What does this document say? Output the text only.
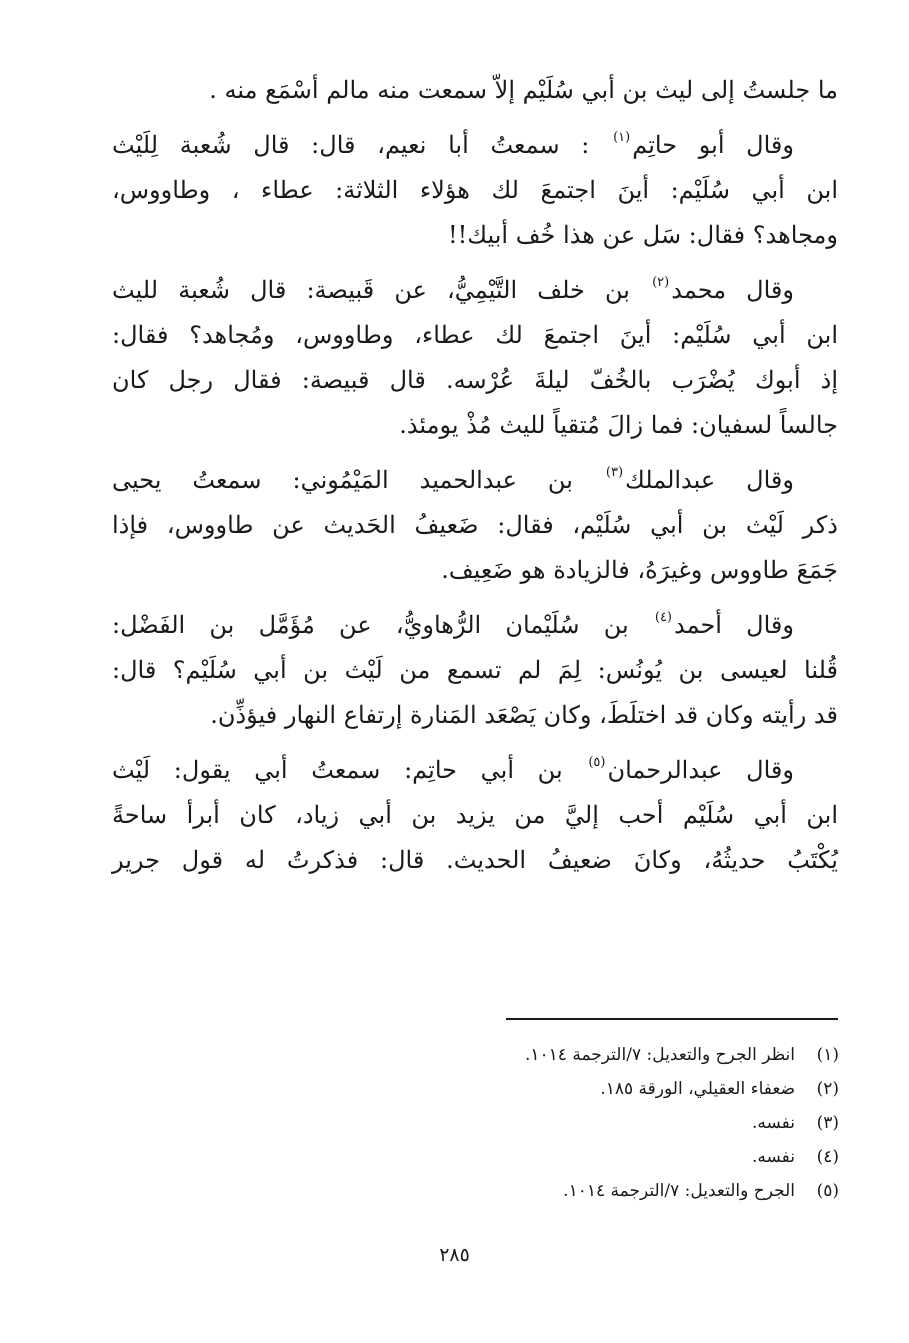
ما جلستُ إلى ليث بن أبي سُلَيْم إلاّ سمعت منه مالم أسْمَع منه .

وقال أبو حاتِم$^{(١)}$ : سمعتُ أبا نعيم، قال: قال شُعبة لِلَيْث
ابن أبي سُلَيْم: أينَ اجتمعَ لك هؤلاء الثلاثة: عطاء ، وطاووس،
ومجاهد؟ فقال: سَل عن هذا خُف أبيك!!

وقال محمد$^{(٢)}$ بن خلف التَّيْمِيُّ، عن قَبيصة: قال شُعبة لليث
ابن أبي سُلَيْم: أينَ اجتمعَ لك عطاء، وطاووس، ومُجاهد؟ فقال:
إذ أبوك يُضْرَب بالخُفّ ليلةَ عُرْسه. قال قبيصة: فقال رجل كان
جالساً لسفيان: فما زالَ مُتقياً لليث مُذْ يومئذ.

وقال عبدالملك$^{(٣)}$ بن عبدالحميد المَيْمُوني: سمعتُ يحيى
ذكر لَيْث بن أبي سُلَيْم، فقال: ضَعيفُ الحَديث عن طاووس، فإذا
جَمَعَ طاووس وغيرَهُ، فالزيادة هو ضَعِيف.

وقال أحمد$^{(٤)}$ بن سُلَيْمان الرُّهاويُّ، عن مُؤَمَّل بن الفَضْل:
قُلنا لعيسى بن يُونُس: لِمَ لم تسمع من لَيْث بن أبي سُلَيْم؟ قال:
قد رأيته وكان قد اختلَطَ، وكان يَصْعَد المَنارة إرتفاع النهار فيؤذِّن.

وقال عبدالرحمان$^{(٥)}$ بن أبي حاتِم: سمعتُ أبي يقول: لَيْث
ابن أبي سُلَيْم أحب إليَّ من يزيد بن أبي زياد، كان أبرأ ساحةً
يُكْتَبُ حديثُهُ، وكانَ ضعيفُ الحديث. قال: فذكرتُ له قول جرير

(١)انظر الجرح والتعديل: ٧/الترجمة ١٠١٤.
(٢)ضعفاء العقيلي، الورقة ١٨٥.
(٣)نفسه.
(٤)نفسه.
(٥)الجرح والتعديل: ٧/الترجمة ١٠١٤.
٢٨٥
